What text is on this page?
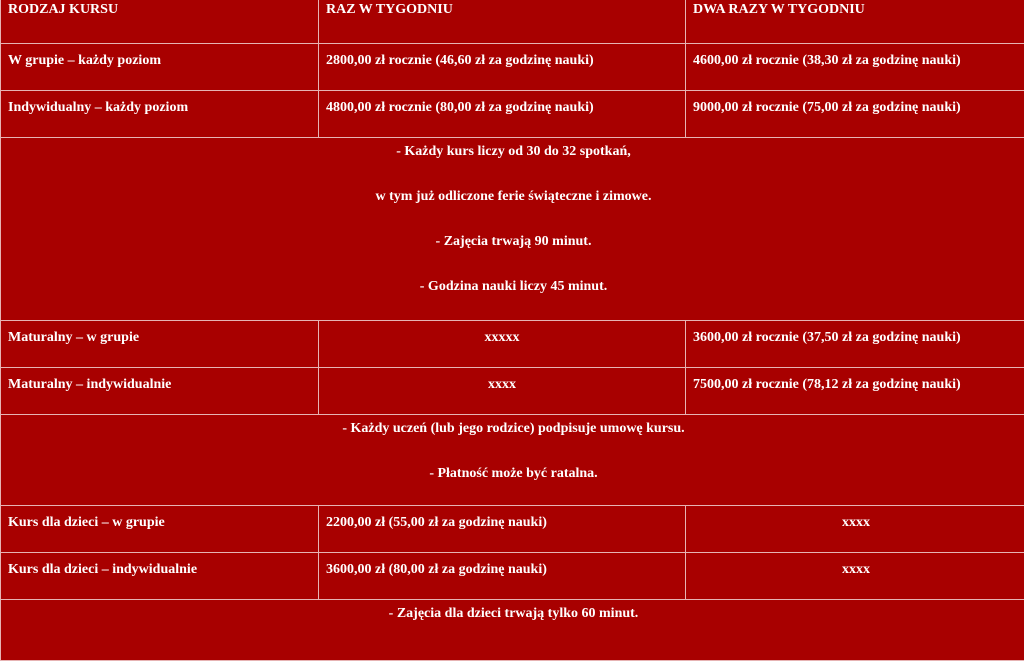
RODZAJ KURSU	RAZ W TYGODNIU	DWA RAZY W TYGODNIU
W grupie – każdy poziom	2800,00 zł rocznie (46,60 zł za godzinę nauki)	4600,00 zł rocznie (38,30 zł za godzinę nauki)
Indywidualny – każdy poziom	4800,00 zł rocznie (80,00 zł za godzinę nauki)	9000,00 zł rocznie (75,00 zł za godzinę nauki)

- Każdy kurs liczy od 30 do 32 spotkań,
w tym już odliczone ferie świąteczne i zimowe.
- Zajęcia trwają 90 minut.
- Godzina nauki liczy 45 minut.		

Maturalny – w grupie	xxxxx	3600,00 zł rocznie (37,50 zł za godzinę nauki)
Maturalny – indywidualnie	xxxx	7500,00 zł rocznie (78,12 zł za godzinę nauki)

- Każdy uczeń (lub jego rodzice) podpisuje umowę kursu.
- Płatność może być ratalna.		

Kurs dla dzieci – w grupie	2200,00 zł (55,00 zł za godzinę nauki)	xxxx
Kurs dla dzieci – indywidualnie	3600,00 zł (80,00 zł za godzinę nauki)	xxxx

- Zajęcia dla dzieci trwają tylko 60 minut.		
